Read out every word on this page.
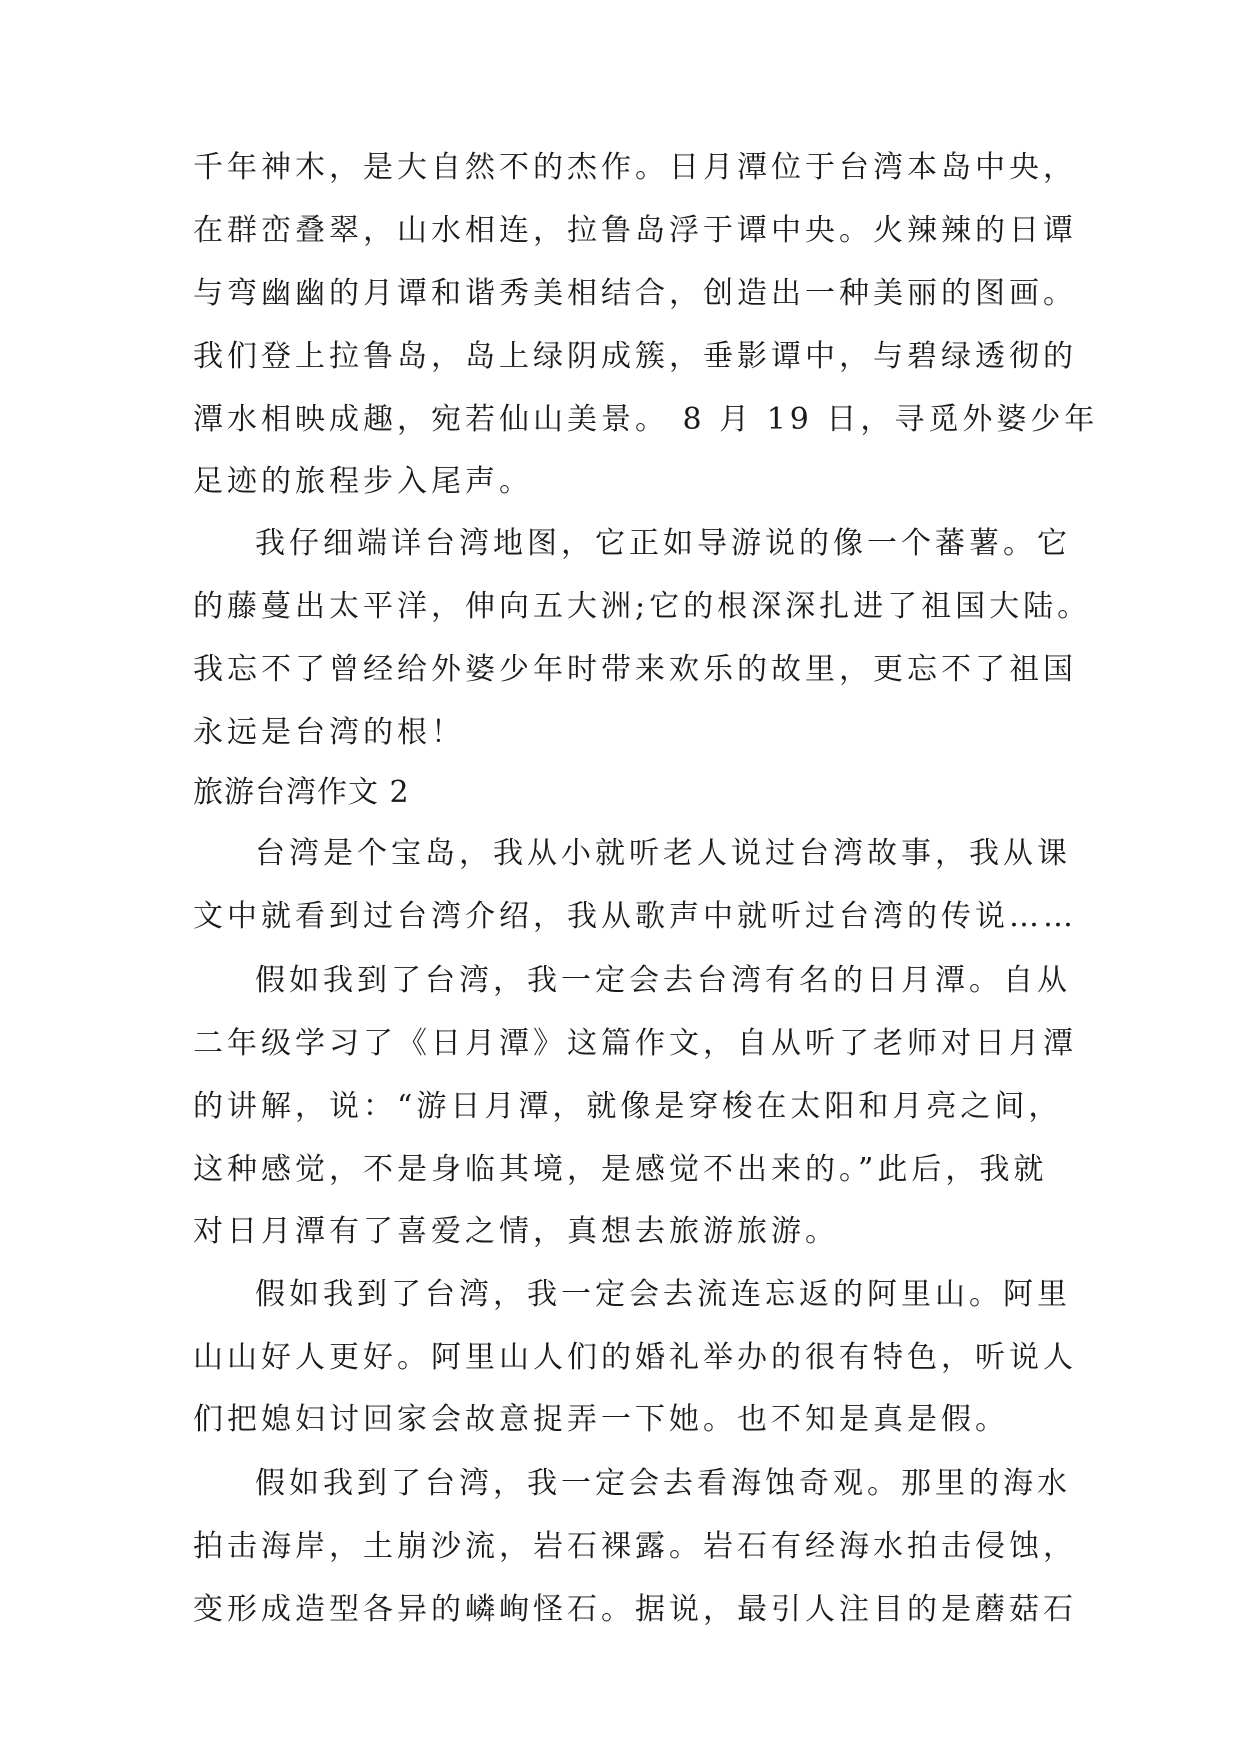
千年神木，是大自然不的杰作。日月潭位于台湾本岛中央，
在群峦叠翠，山水相连，拉鲁岛浮于谭中央。火辣辣的日谭
与弯幽幽的月谭和谐秀美相结合，创造出一种美丽的图画。
我们登上拉鲁岛，岛上绿阴成簇，垂影谭中，与碧绿透彻的
潭水相映成趣，宛若仙山美景。 8 月 19 日，寻觅外婆少年
足迹的旅程步入尾声。
我仔细端详台湾地图，它正如导游说的像一个蕃薯。它
的藤蔓出太平洋，伸向五大洲;它的根深深扎进了祖国大陆。
我忘不了曾经给外婆少年时带来欢乐的故里，更忘不了祖国
永远是台湾的根！
旅游台湾作文 2
台湾是个宝岛，我从小就听老人说过台湾故事，我从课
文中就看到过台湾介绍，我从歌声中就听过台湾的传说……
假如我到了台湾，我一定会去台湾有名的日月潭。自从
二年级学习了《日月潭》这篇作文，自从听了老师对日月潭
的讲解，说：“游日月潭，就像是穿梭在太阳和月亮之间，
这种感觉，不是身临其境，是感觉不出来的。”此后，我就
对日月潭有了喜爱之情，真想去旅游旅游。
假如我到了台湾，我一定会去流连忘返的阿里山。阿里
山山好人更好。阿里山人们的婚礼举办的很有特色，听说人
们把媳妇讨回家会故意捉弄一下她。也不知是真是假。
假如我到了台湾，我一定会去看海蚀奇观。那里的海水
拍击海岸，土崩沙流，岩石裸露。岩石有经海水拍击侵蚀，
变形成造型各异的嶙峋怪石。据说，最引人注目的是蘑菇石
